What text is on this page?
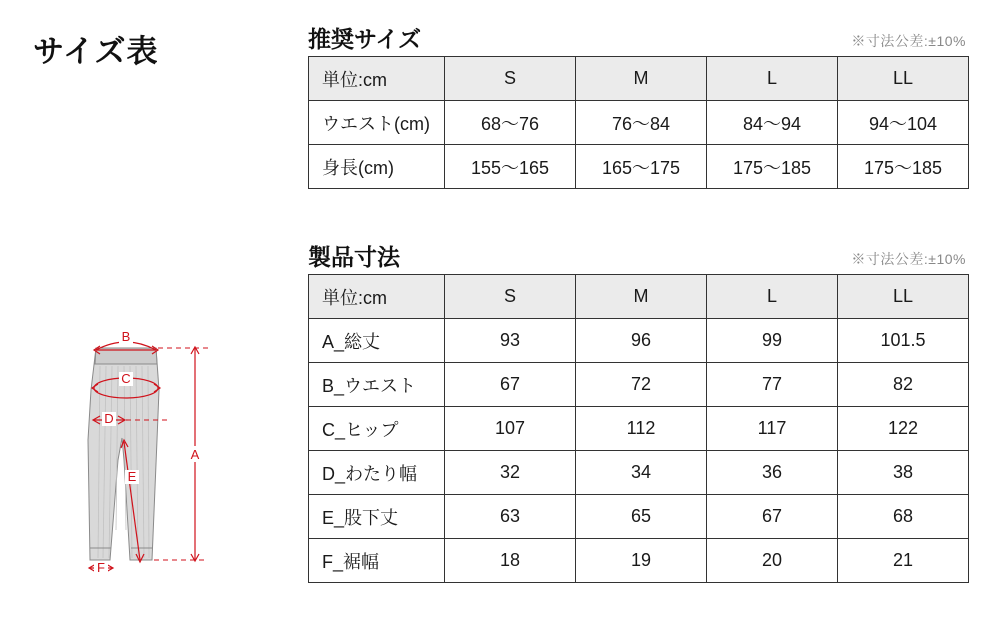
サイズ表	推奨サイズ	※寸法公差:±10%
単位:cm	S	M	L	LL
ウエスト(cm)	68〜76	76〜84	84〜94	94〜104
身長(cm)	155〜165	165〜175	175〜185	175〜185
製品寸法	※寸法公差:±10%
単位:cm	S	M	L	LL
A_総丈	93	96	99	101.5
B_ウエスト	67	72	77	82
C_ヒップ	107	112	117	122
D_わたり幅	32	34	36	38
E_股下丈	63	65	67	68
F_裾幅	18	19	20	21
B
C
D
E
F
A
